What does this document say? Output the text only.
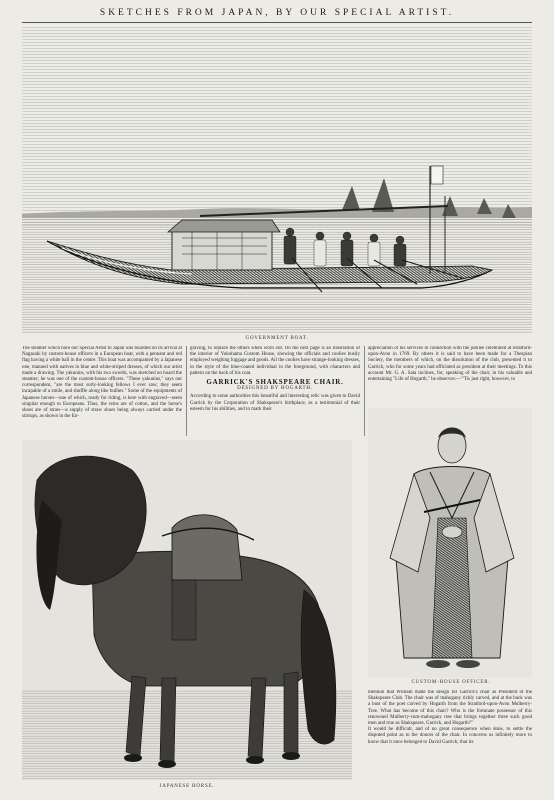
SKETCHES FROM JAPAN, BY OUR SPECIAL ARTIST.
GOVERNMENT BOAT.

The steamer which bore our Special Artist to Japan was boarded on its arrival at Nagasaki by custom-house officers in a European boat, with a pennant and red flag having a white ball in the centre. This boat was accompanied by a Japanese one, manned with natives in blue and white-striped dresses, of which our artist made a drawing. The yakunins, with his two swords, was sketched on board the steamer; he was one of the custom-house officers. "These yakunins," says our correspondent, "are the most surly-looking fellows I ever saw; they seem incapable of a smile, and shuffle along like bullies." Some of the equipments of Japanese horses—one of which, ready for riding, is here with engraved—seem singular enough to Europeans. Thus, the reins are of cotton, and the horse's shoes are of straw—a supply of straw shoes being always carried under the stirrups, as shown in the En-

graving, to replace the others when worn out. On the next page is an illustration of the interior of Yokohama Custom House, showing the officials and coolies busily employed weighing luggage and goods. All the coolies have strange-looking dresses, in the style of the blue-coated individual in the foreground, with characters and pattern on the back of his coat.

GARRICK'S SHAKSPEARE CHAIR.
DESIGNED BY HOGARTH.

According to some authorities this beautiful and interesting relic was given to David Garrick by the Corporation of Shakspeare's birthplace, as a testimonial of their esteem for his abilities, and to mark their

appreciation of his services in connection with the jubilee celebrated at Stratford-upon-Avon in 1769. By others it is said to have been made for a Thespian Society, the members of which, on the dissolution of the club, presented it to Garrick, who for some years had officiated as president at their meetings. To this account Mr. G. A. Sala inclines, for, speaking of the chair, in his valuable and entertaining "Life of Hogarth," he observes:—"'Tis just right, however, to

JAPANESE HORSE.
CUSTOM-HOUSE OFFICER.

mention that William made the design for Garrick's chair as President of the Shakspeare Club. The chair was of mahogany richly carved, and at the back was a bust of the poet carved by Hogarth from the Stratford-upon-Avon Mulberry-Tree. What has become of this chair? Who is the fortunate possessor of this renowned Mulberry-cum-mahogany tree that brings together three such good men and true as Shakspeare, Garrick, and Hogarth?"
It would be difficult, and of no great consequence when done, to settle the disputed point as to the donors of the chair. In concerns us infinitely more to know that it once belonged to David Garrick; that its
